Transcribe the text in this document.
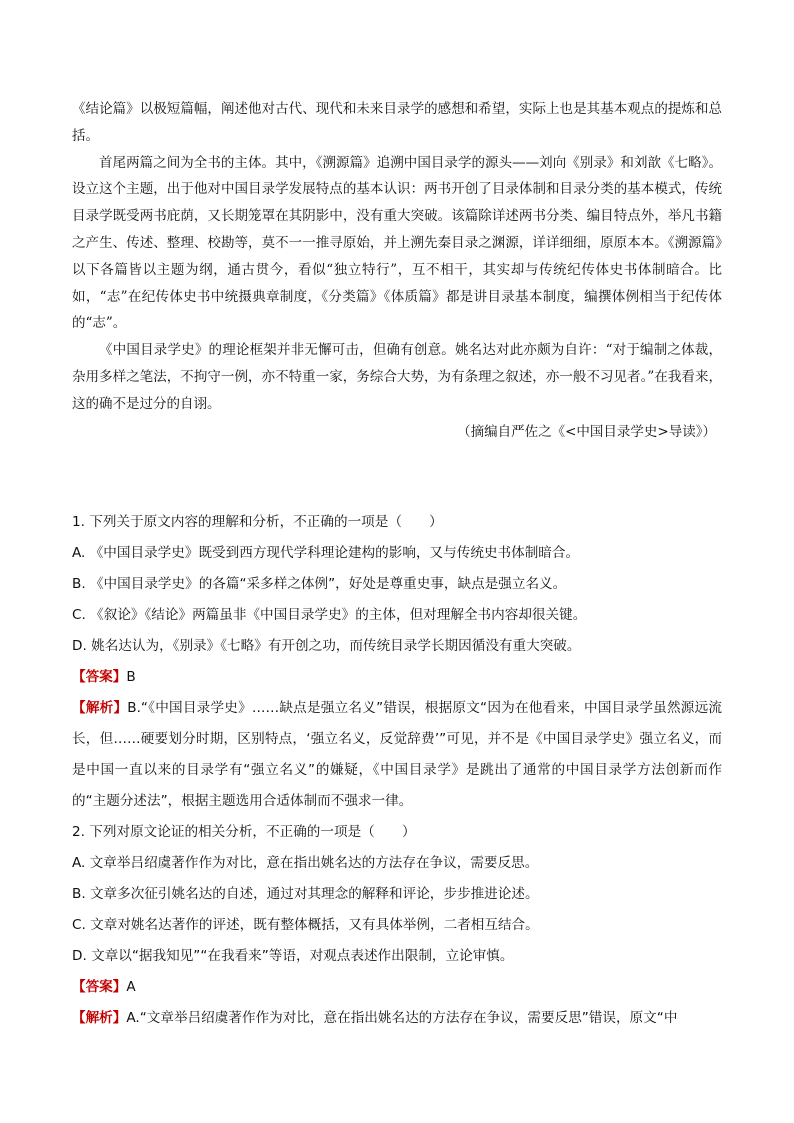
《结论篇》以极短篇幅，阐述他对古代、现代和未来目录学的感想和希望，实际上也是其基本观点的提炼和总括。

首尾两篇之间为全书的主体。其中，《溯源篇》追溯中国目录学的源头——刘向《别录》和刘歆《七略》。设立这个主题，出于他对中国目录学发展特点的基本认识：两书开创了目录体制和目录分类的基本模式，传统目录学既受两书庇荫，又长期笼罩在其阴影中，没有重大突破。该篇除详述两书分类、编目特点外，举凡书籍之产生、传述、整理、校勘等，莫不一一推寻原始，并上溯先秦目录之渊源，详详细细，原原本本。《溯源篇》以下各篇皆以主题为纲，通古贯今，看似“独立特行”，互不相干，其实却与传统纪传体史书体制暗合。比如，“志”在纪传体史书中统摄典章制度，《分类篇》《体质篇》都是讲目录基本制度，编撰体例相当于纪传体的“志”。

《中国目录学史》的理论框架并非无懈可击，但确有创意。姚名达对此亦颇为自许：“对于编制之体裁，杂用多样之笔法，不拘守一例，亦不特重一家，务综合大势，为有条理之叙述，亦一般不习见者。”在我看来，这的确不是过分的自诩。

（摘编自严佐之《<中国目录学史>导读》）

1. 下列关于原文内容的理解和分析，不正确的一项是（　　）

A. 《中国目录学史》既受到西方现代学科理论建构的影响，又与传统史书体制暗合。

B. 《中国目录学史》的各篇“采多样之体例”，好处是尊重史事，缺点是强立名义。

C. 《叙论》《结论》两篇虽非《中国目录学史》的主体，但对理解全书内容却很关键。

D. 姚名达认为，《别录》《七略》有开创之功，而传统目录学长期因循没有重大突破。

【答案】B

【解析】B.“《中国目录学史》……缺点是强立名义”错误，根据原文“因为在他看来，中国目录学虽然源远流长，但……硬要划分时期，区别特点，‘强立名义，反觉辞费’”可见，并不是《中国目录学史》强立名义，而是中国一直以来的目录学有“强立名义”的嫌疑，《中国目录学》是跳出了通常的中国目录学方法创新而作的“主题分述法”，根据主题选用合适体制而不强求一律。

2. 下列对原文论证的相关分析，不正确的一项是（　　）

A. 文章举吕绍虞著作作为对比，意在指出姚名达的方法存在争议，需要反思。

B. 文章多次征引姚名达的自述，通过对其理念的解释和评论，步步推进论述。

C. 文章对姚名达著作的评述，既有整体概括，又有具体举例，二者相互结合。

D. 文章以“据我知见”“在我看来”等语，对观点表述作出限制，立论审慎。

【答案】A

【解析】A.“文章举吕绍虞著作作为对比，意在指出姚名达的方法存在争议，需要反思”错误，原文“中
